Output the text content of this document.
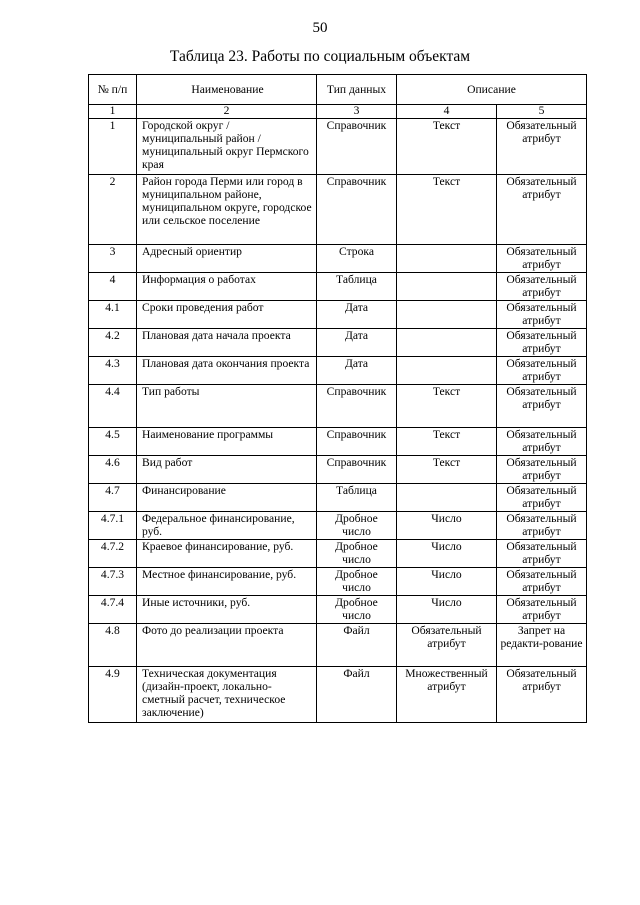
50
Таблица 23. Работы по социальным объектам
№ п/п	Наименование	Тип данных	Описание	
1	2	3	4	5
1	Городской округ / муниципальный район / муниципальный округ Пермского края	Справочник	Текст	Обязательный атрибут
2	Район города Перми или город в муниципальном районе, муниципальном округе, городское или сельское поселение	Справочник	Текст	Обязательный атрибут
3	Адресный ориентир	Строка		Обязательный атрибут
4	Информация о работах	Таблица		Обязательный атрибут
4.1	Сроки проведения работ	Дата		Обязательный атрибут
4.2	Плановая дата начала проекта	Дата		Обязательный атрибут
4.3	Плановая дата окончания проекта	Дата		Обязательный атрибут
4.4	Тип работы	Справочник	Текст	Обязательный атрибут
4.5	Наименование программы	Справочник	Текст	Обязательный атрибут
4.6	Вид работ	Справочник	Текст	Обязательный атрибут
4.7	Финансирование	Таблица		Обязательный атрибут
4.7.1	Федеральное финансирование, руб.	Дробное число	Число	Обязательный атрибут
4.7.2	Краевое финансирование, руб.	Дробное число	Число	Обязательный атрибут
4.7.3	Местное финансирование, руб.	Дробное число	Число	Обязательный атрибут
4.7.4	Иные источники, руб.	Дробное число	Число	Обязательный атрибут
4.8	Фото до реализации проекта	Файл	Обязательный атрибут	Запрет на редакти-рование
4.9	Техническая документация (дизайн-проект, локально-сметный расчет, техническое заключение)	Файл	Множественный атрибут	Обязательный атрибут
